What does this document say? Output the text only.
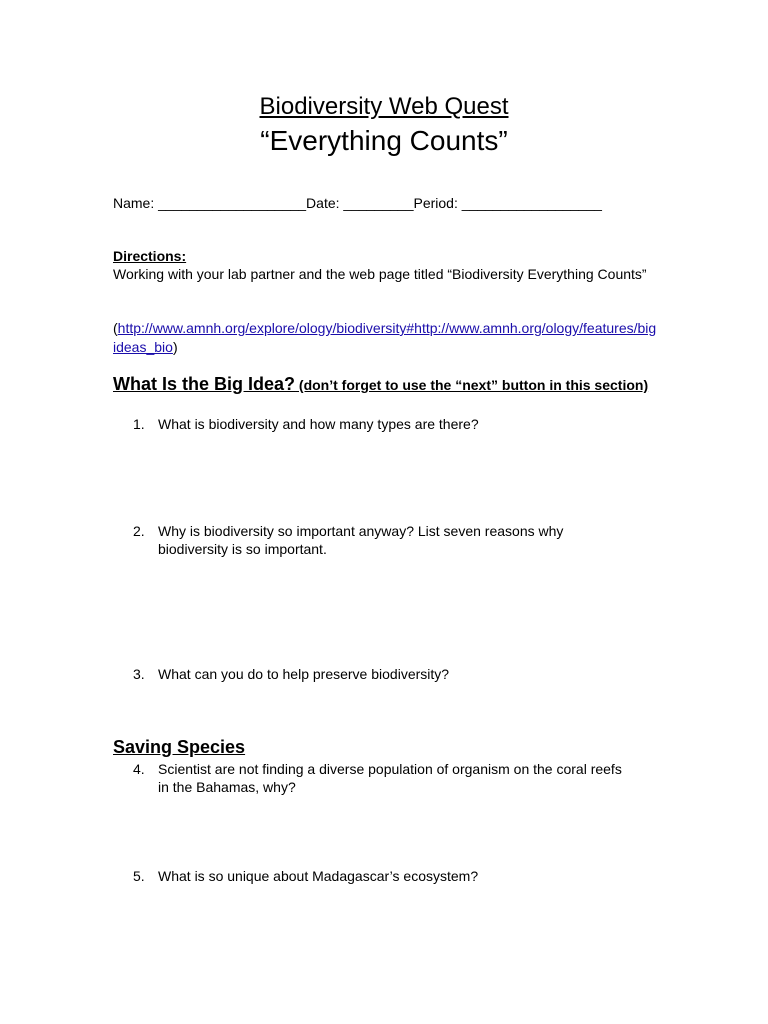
Biodiversity Web Quest
“Everything Counts”
Name: ___________________Date: _________Period: __________________
Directions:
Working with your lab partner and the web page titled “Biodiversity Everything Counts”
(http://www.amnh.org/explore/ology/biodiversity#http://www.amnh.org/ology/features/bigideas_bio)
What Is the Big Idea? (don’t forget to use the “next” button in this section)
1. What is biodiversity and how many types are there?
2. Why is biodiversity so important anyway? List seven reasons why biodiversity is so important.
3. What can you do to help preserve biodiversity?
Saving Species
4. Scientist are not finding a diverse population of organism on the coral reefs in the Bahamas, why?
5. What is so unique about Madagascar’s ecosystem?
